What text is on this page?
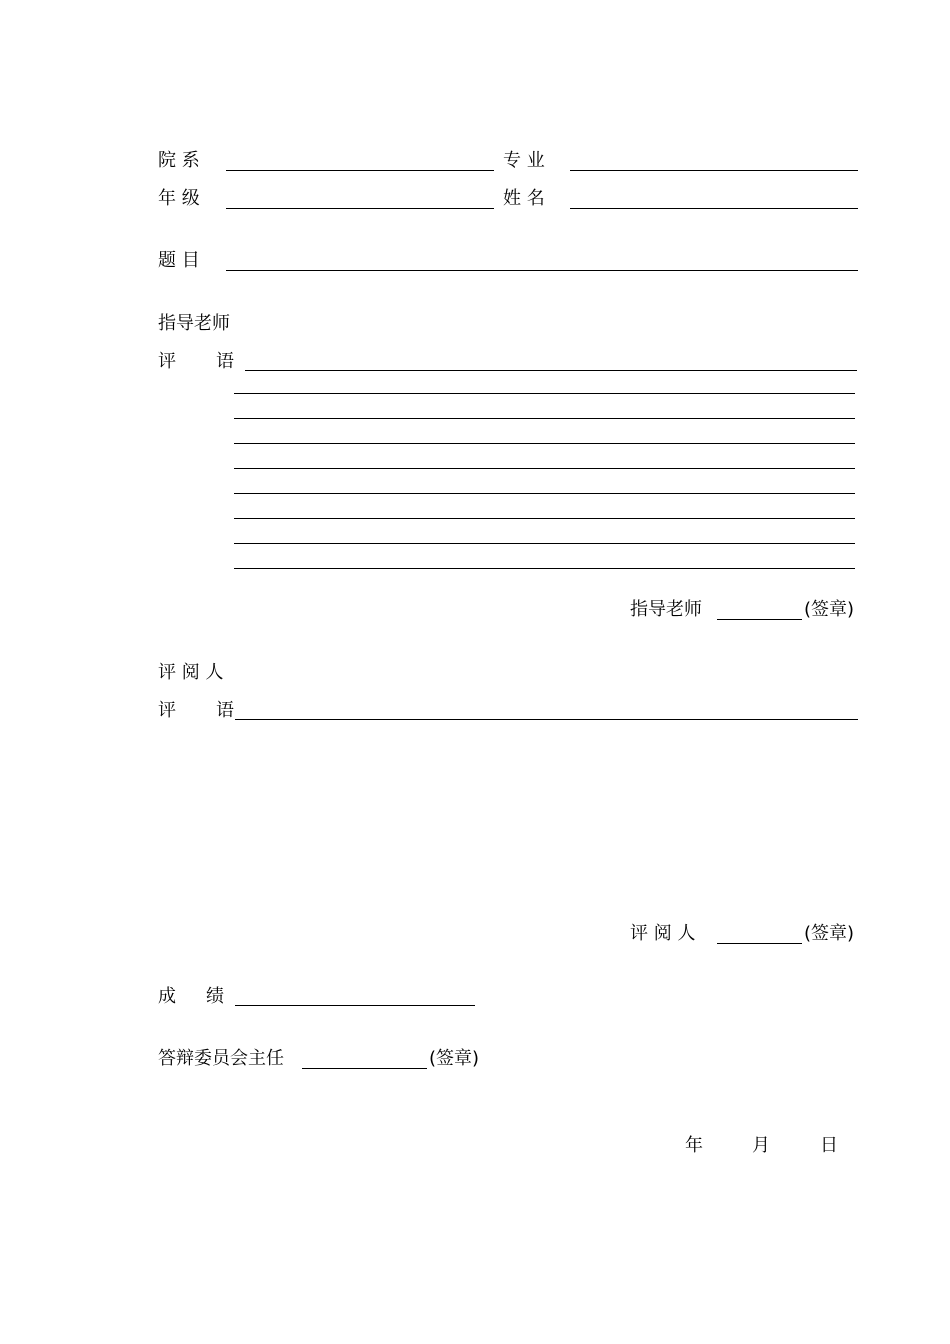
院 系	专 业
年 级	姓 名
题 目
指导老师
评 语
指导老师	(签章)
评 阅 人
评 语
评 阅 人	(签章)
成 绩
答辩委员会主任	(签章)
年	月	日
